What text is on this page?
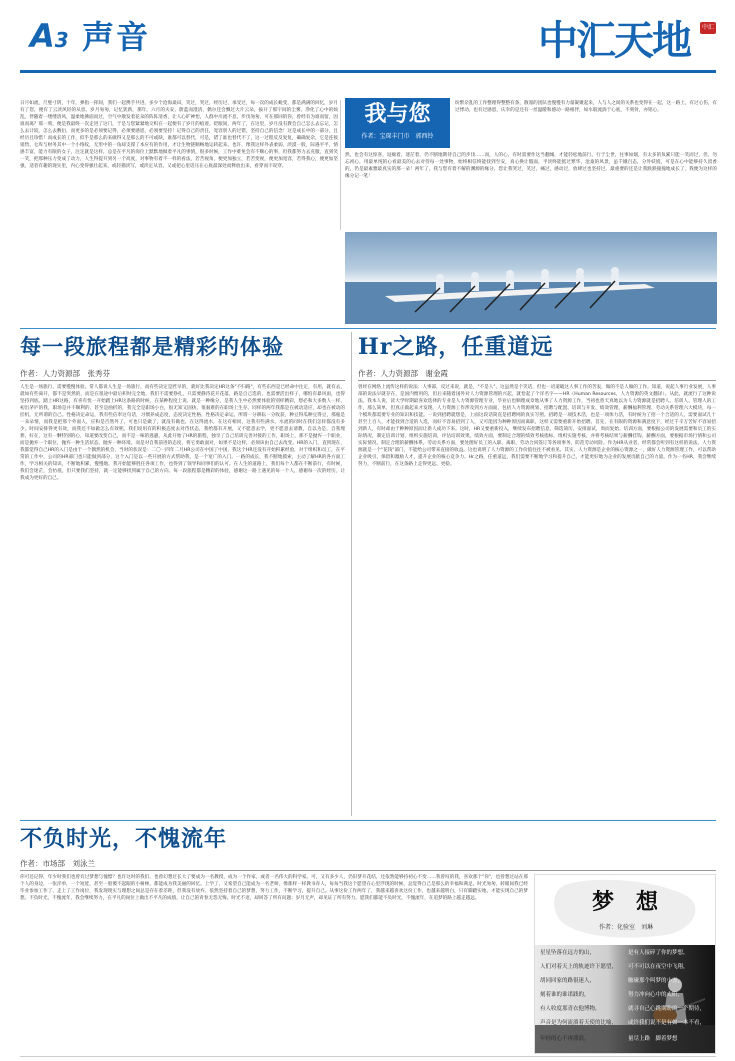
A3 声音	中汇天地	中汇
日月如流，尺璧寸阴，十年，弹指一挥间，我们一起携手共进，多少个沧海桑田，笑过，哭过，经历过，承受过，每一次的成长蜕变，都是满满的回忆，岁月有了您，便有了云淡风轻的从容。岁月匆匆，记忆犹新，那年，六月的夫安，蔚蓝而澄清，偶尔还会飘过大片云朵，拔开了那宇间的尘雾，净化了心中的烦乱，伴随着一缕缕清风，温柔地拂面而过，空气中散发着花朵的阵阵清香，让人心旷神怡，人群中川流不息，步伐匆匆，可在那回的你，曾经有为谁而留，因谁而离？那一刻，便是我最终一次走进了这门，于是与您紧紧地交织在一起便有了岁月的痕迹。眨眼间，两年了，在这里，岁月没有教会自己怎么去忘记，怎么去计较，怎么去敷衍，而更多的是必须要记得，必须要感恩，必须要坚持！记得自己的责任，宽容别人的过错，坚持自己的信念！这是成长中的一部分，且经历且珍惜！而成长的工作，似乎是那么的来做得又是那么的不可或缺，谁都可以替代，可是，错了谁也替代不了，这一过程反反复复，确确复杂，它是连接销售、仓库与财务其中一个小络纹，无形中的一角却支撑了本应有的作用，才让生物链顺畅地运转起来。也许，像我这样外表柔弱，淡漠一般，际遇平平，情感丰富，能力有限的女子，注定就是这样，总是在平凡的岗位上默默地做着平凡的事情，很多时候，工作中难免会有不顺心的事，但我都努力去克服，直到笑一笑，把那种压力变成了动力，人生得提升到另一个高度，对事物有着不一样的看法，若苦视角，便更加独立，若苦变视，便更加宽容，若得我心，便更加坚强，适者有趣的现实里，内心变得强壮起来，或轻描淡写，或淡定从容，又或把心里话压在心底最深处而释放出来，看穿而不说穿。
我与您
作者：宝琛丰门市　郭西铃
纷繁杂乱的工作整理得整整有条，散漫的团队也慢慢有力量凝聚起来，人与人之间的关系也变得在一起，这一路上，有过心伤，有过悸动，也有过感恩，庆幸的是还有一丝温暖和感动一路相伴，如水般流淌于心底，不刻骨，亦铭心。
然，也会有这惊喜，逗痴着，迷茫着，仍不断地期待自己的步伐……而，人的心，有时需要作这当翻城，才能轻松地前行。行于尘世，往事如烟，有太多的负累只能一笑而过，但，勿忘初心，用最单纯的心看最美的心去对待每一处事物，始终相信终能找到至安，真心换让假面，平淡终能抵过繁华，沧桑的风景，虽千娥百态，分外妖娆，可是在心中能够持久留香的，仍是最素雅最真实的那一朵！两年了，我与您有着不解的渊源的缘分，您让我哭过，笑过，痛过，感动过，放肆过也坚持过，最重要的还是让我跌跌撞撞地成长了，我便为这样的缘分记一笔！
每一段旅程都是精彩的体验
作者：人力资源部　张秀芬
人生是一场旅行，需要慢慢体验。常人都说人生是一场旅行，而有些决定是匠早的，就好比我决定HR这条"不归路"，有些东西是已经命中注定，有用，就有去，就如有些离开，都不是突然的，而是在很途中最后积时完全地，我们不需要挣扎，只需要静待花开花落，路是自己选的，也需要活出样子，哪怕有暴风雨，也得坚持到底。踏上HR这路，有喜有忧一开始踏上HR这条路的时候，在某种程度上说，就是一种缘分，是我人生中必然要体验的别样精彩，想必和大多数人一样，初出茅庐的我，职场是并不顺利的，甚至是曲折的，我完全是职场小白，很无知又固执，很艰难的在职场上生存。同样的两年我都是在被动适应，却也在被动的挂机，无所谓的自己。性格决定命运，我有些信奉这句话，习惯养成态度，态度决定性格，性格决定命运，所谓一分耕耘一分收获，种豆得瓜种豆得豆，那瓶是一朵朵情，而我是把那个外面人，应和是否然外了，可也只是做了，就没有做也，在这得流水，在这有相同，这我有些满水，水流的同时在我们怎样都没有多少。时间安排得更有效，而我还不如做怎么有效呢。我们说用有的积极态度去对待状态，我给都有开展，又不愿意去学，更不愿意去请教，自以为是，自我埋葬，好在，这有一颗特别的心，知道要改变自己，而不是一味的逃避，从此开始了HR的旅程，独享了自己培训完善对接的工作，职场上，那不是抛弃一个职业，而是抛弃一个职位，抛弃一种生活状态，抛弃一种环境。而是对自我前进的态度，将它勇敢面对，如果不是这样，必须该由自己去改变。HR的入门，直到现在，我都觉得自己HR的入门是由于一个偶然的机会，当时的状况是：二〇一四年二月HR公司在中国了中国，我这个HR还没有开始积累经验，对于组织和员工，在平常的工作中，公司的HR部门也只能做到部分，这个入门是以一些开展的方式帮助我，是一个宽广的入门。一路的成长，我不断地摸索，主动了解HR的各方面工作，学习相关的知识，不断地积累，慢慢地，我开始能够胜任各项工作，也得到了领导和同事们的认可。在人生的道路上，我们每个人都在不断前行，有时候，我们会迷茫，会彷徨，但只要我们坚持，就一定能够找到属于自己的方向。每一段旅程都是精彩的体验，感谢这一路上遇见的每一个人，感谢每一次的经历，让我成为更好的自己。
Hr之路，任重道远
作者：人力资源部　谢金霞
曾经在网络上流传这样的说法：人事部，反过来说，就是，"不是人"。这虽然是个笑话，但也一语道破这人事工作的苦衷，做的不是人做的工作。知道，说起人事行业发展，人事部的说法早就存在，是国内惯用的，但后来随着国外对人力资源管理的兴起，就恰起了个洋名字——HR（Human Resources，人力资源的英文翻译）。从此，就流行了这种说法。我本人说，读大学时期最喜欢选择的专业是人力资源管理专业，毕业后也顺理成章地从事了人力资源工作，当初也曾天真地以为人力资源就是招聘人、培训人、管理人的工作，那么简单，但真正做起来才发现，人力资源工作涉及到方方面面，包括人力资源规划、招聘与配置、培训与开发、绩效管理、薪酬福利管理、劳动关系管理六大模块，每一个模块都需要专业的知识和技能。一说到招聘就想是，上面这段话简直是招聘网的真实写照。招聘是一项技术活，也是一项体力活，有时候为了招一个合适的人，需要面试几十甚至上百人，才能找到合适的人选，而好不容易招到了人，又可能因为种种原因而离职，这样又需要重新开始招聘。首先，在有限的资源和满意度下，经过千辛万苦好不容易招到新人，有时却由于种种原因而让新人成功下来。这时，HR又要重新投入，继续发布招聘信息，筛选简历，安排面试，周而复始。培训方面，要根据公司的发展需要和员工的实际情况，制定培训计划，组织实施培训，评估培训效果。绩效方面，要制定合理的绩效考核指标，组织实施考核，并将考核结果与薪酬挂钩。薪酬方面，要根据市场行情和公司实际情况，制定合理的薪酬体系。劳动关系方面，要处理好员工的入职、离职、劳动合同签订等各项事务，防范劳动风险。作为HR从业者，经常都会听到有这样的说法，人力资源就是一个"花钱"部门，不能给公司带来直接的收益。这也说明了人力资源的工作价值往往不被看见。其实，人力资源是企业的核心资源之一，做好人力资源管理工作，可以帮助企业吸引、保留和激励人才，提升企业的核心竞争力。Hr之路，任重道远，我们需要不断地学习和提升自己，才能更好地为企业的发展贡献自己的力量。作为一名HR，我会继续努力，不断前行，在这条路上走得更远、更稳。
不负时光，不愧流年
作者：市场部　刘泳兰
你可还记得，年少时我们也曾有过梦想与憧憬？也许这时的我们，也曾幻想过长大了要成为一名教授，成为一个作家，或者一名伟大的科学家。可，又有多少人，仍旧梦开花结，还依然能够持初心不变……我曾叹的我，喜欢那个"你"，也曾想过站在那个人的身边，一张洋单，一个短娃，甚至一股傻不起眼的小树林，都能成为我美丽的回忆。上学了，又希望自己能成为一名老师，像那样一样教书育人，每每当我这个愿望在心里浮现的时候，总觉得自己是那么的幸福和满足。时光匆匆，转眼间我已经毕业参加工作了，走上了工作岗位，我发现现实与理想之间总是存在着差距，但我没有放弃，依然坚持着自己的梦想，努力工作，不断学习，提升自己。从事这份工作两年了，我越来越喜欢这份工作，也越来越明白，只有脚踏实地，才能实现自己的梦想。不负时光，不愧流年，我会继续努力，在平凡的岗位上做出不平凡的成绩，让自己的青春无怨无悔。时光不语，却回答了所有问题；岁月无声，却见证了所有努力。愿我们都能不负时光，不愧流年，在追梦的路上越走越远。	梦　想
作者：化验室　刘琳
星星坠落在远方的山，	是有人接碎了你的梦想，
人们对着天上的轨迹许下愿望， 可不可以在夜空中飞翔，
胡同回家的路很迷人，	触碰那个叫梦的小丑，
刻着谁的谁诺践的，	努力冲向心中的太阳，
有人收度那青衣他博物，	就寻自己心跳期盼的一个期待，
声音是为何流淌着天使的比喻， 或许我们说不是有如一本不看，
年轻的心不再漂浪，	量尽上路　脚着梦想
